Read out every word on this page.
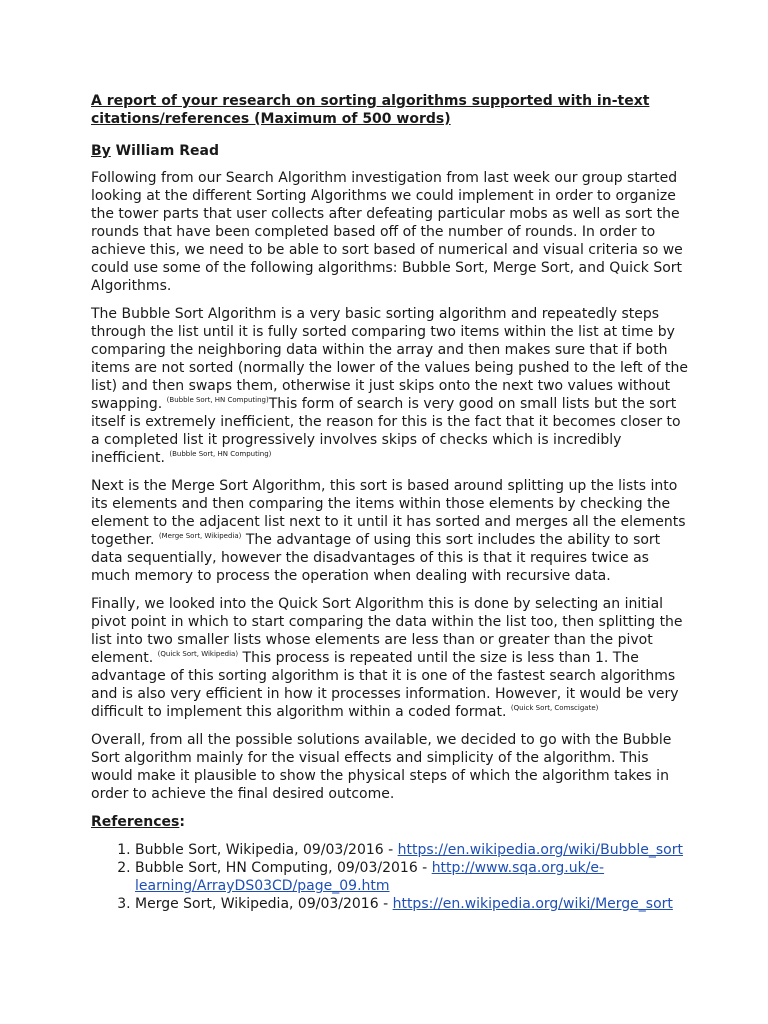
A report of your research on sorting algorithms supported with in-text citations/references (Maximum of 500 words)
By William Read

Following from our Search Algorithm investigation from last week our group started looking at the different Sorting Algorithms we could implement in order to organize the tower parts that user collects after defeating particular mobs as well as sort the rounds that have been completed based off of the number of rounds. In order to achieve this, we need to be able to sort based of numerical and visual criteria so we could use some of the following algorithms: Bubble Sort, Merge Sort, and Quick Sort Algorithms.

The Bubble Sort Algorithm is a very basic sorting algorithm and repeatedly steps through the list until it is fully sorted comparing two items within the list at time by comparing the neighboring data within the array and then makes sure that if both items are not sorted (normally the lower of the values being pushed to the left of the list) and then swaps them, otherwise it just skips onto the next two values without swapping. $^{(Bubble Sort, HN Computing)}$This form of search is very good on small lists but the sort itself is extremely inefficient, the reason for this is the fact that it becomes closer to a completed list it progressively involves skips of checks which is incredibly inefficient. $^{(Bubble Sort, HN Computing)}$

Next is the Merge Sort Algorithm, this sort is based around splitting up the lists into its elements and then comparing the items within those elements by checking the element to the adjacent list next to it until it has sorted and merges all the elements together. $^{(Merge Sort, Wikipedia)}$ The advantage of using this sort includes the ability to sort data sequentially, however the disadvantages of this is that it requires twice as much memory to process the operation when dealing with recursive data.

Finally, we looked into the Quick Sort Algorithm this is done by selecting an initial pivot point in which to start comparing the data within the list too, then splitting the list into two smaller lists whose elements are less than or greater than the pivot element. $^{(Quick Sort, Wikipedia)}$ This process is repeated until the size is less than 1. The advantage of this sorting algorithm is that it is one of the fastest search algorithms and is also very efficient in how it processes information. However, it would be very difficult to implement this algorithm within a coded format. $^{(Quick Sort, Comscigate)}$

Overall, from all the possible solutions available, we decided to go with the Bubble Sort algorithm mainly for the visual effects and simplicity of the algorithm. This would make it plausible to show the physical steps of which the algorithm takes in order to achieve the final desired outcome.

References:
1. Bubble Sort, Wikipedia, 09/03/2016 - https://en.wikipedia.org/wiki/Bubble_sort
2. Bubble Sort, HN Computing, 09/03/2016 - http://www.sqa.org.uk/e-learning/ArrayDS03CD/page_09.htm
3. Merge Sort, Wikipedia, 09/03/2016 - https://en.wikipedia.org/wiki/Merge_sort
